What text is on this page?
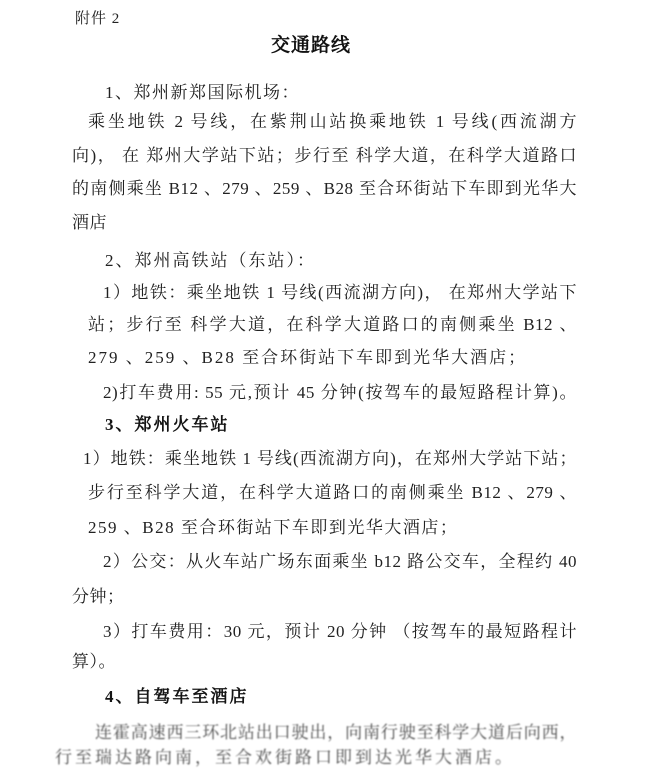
附件 2
交通路线
1、郑州新郑国际机场：
乘坐地铁 2 号线，在紫荆山站换乘地铁 1 号线(西流湖方
向)， 在 郑州大学站下站；步行至 科学大道，在科学大道路口
的南侧乘坐 B12 、279 、259 、B28 至合环街站下车即到光华大
酒店
2、郑州高铁站（东站）：
1）地铁：乘坐地铁 1 号线(西流湖方向)， 在郑州大学站下
站；步行至 科学大道，在科学大道路口的南侧乘坐 B12 、
279 、259 、B28 至合环街站下车即到光华大酒店；
2)打车费用: 55 元,预计 45 分钟(按驾车的最短路程计算)。
3、郑州火车站
1）地铁：乘坐地铁 1 号线(西流湖方向)，在郑州大学站下站；
步行至科学大道，在科学大道路口的南侧乘坐 B12 、279 、
259 、B28 至合环街站下车即到光华大酒店；
2）公交：从火车站广场东面乘坐 b12 路公交车，全程约 40
分钟；
3）打车费用：30 元，预计 20 分钟 （按驾车的最短路程计
算）。
4、自驾车至酒店
连霍高速西三环北站出口驶出，向南行驶至科学大道后向西，
行至瑞达路向南，至合欢街路口即到达光华大酒店。
